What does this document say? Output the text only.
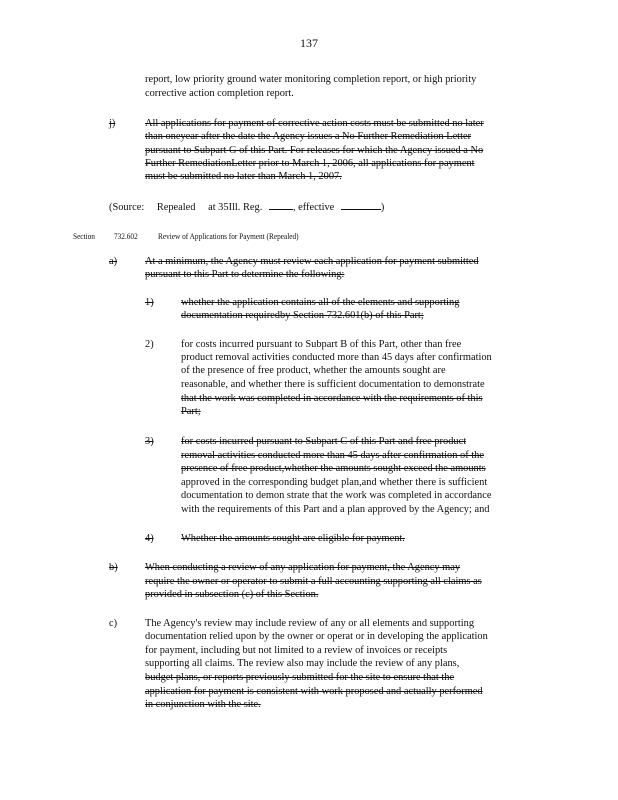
137
report, low priority ground water monitoring completion report, or high priority
corrective action completion report.
j)	All applications for payment of corrective action costs must be submitted no later
than oneyear after the date the Agency issues a No Further Remediation Letter
pursuant to Subpart G of this Part. For releases for which the Agency issued a No
Further RemediationLetter prior to March 1, 2006, all applications for payment
must be submitted no later than March 1, 2007.
(Source: Repealed at 35Ill. Reg.	, effective	)
Section 732.602 Review of Applications for Payment (Repealed)
a)	At a minimum, the Agency must review each application for payment submitted
pursuant to this Part to determine the following:
1)	whether the application contains all of the elements and supporting
documentation requiredby Section 732.601(b) of this Part;
2)	for costs incurred pursuant to Subpart B of this Part, other than free
product removal activities conducted more than 45 days after confirmation
of the presence of free product, whether the amounts sought are
reasonable, and whether there is sufficient documentation to demonstrate
that the work was completed in accordance with the requirements of this
Part;
3)	for costs incurred pursuant to Subpart C of this Part and free product
removal activities conducted more than 45 days after confirmation of the
presence of free product,whether the amounts sought exceed the amounts
approved in the corresponding budget plan,and whether there is sufficient
documentation to demon strate that the work was completed in accordance
with the requirements of this Part and a plan approved by the Agency; and
4)	Whether the amounts sought are eligible for payment.
b)	When conducting a review of any application for payment, the Agency may
require the owner or operator to submit a full accounting supporting all claims as
provided in subsection (c) of this Section.
c)	The Agency's review may include review of any or all elements and supporting
documentation relied upon by the owner or operat or in developing the application
for payment, including but not limited to a review of invoices or receipts
supporting all claims. The review also may include the review of any plans,
budget plans, or reports previously submitted for the site to ensure that the
application for payment is consistent with work proposed and actually performed
in conjunction with the site.
